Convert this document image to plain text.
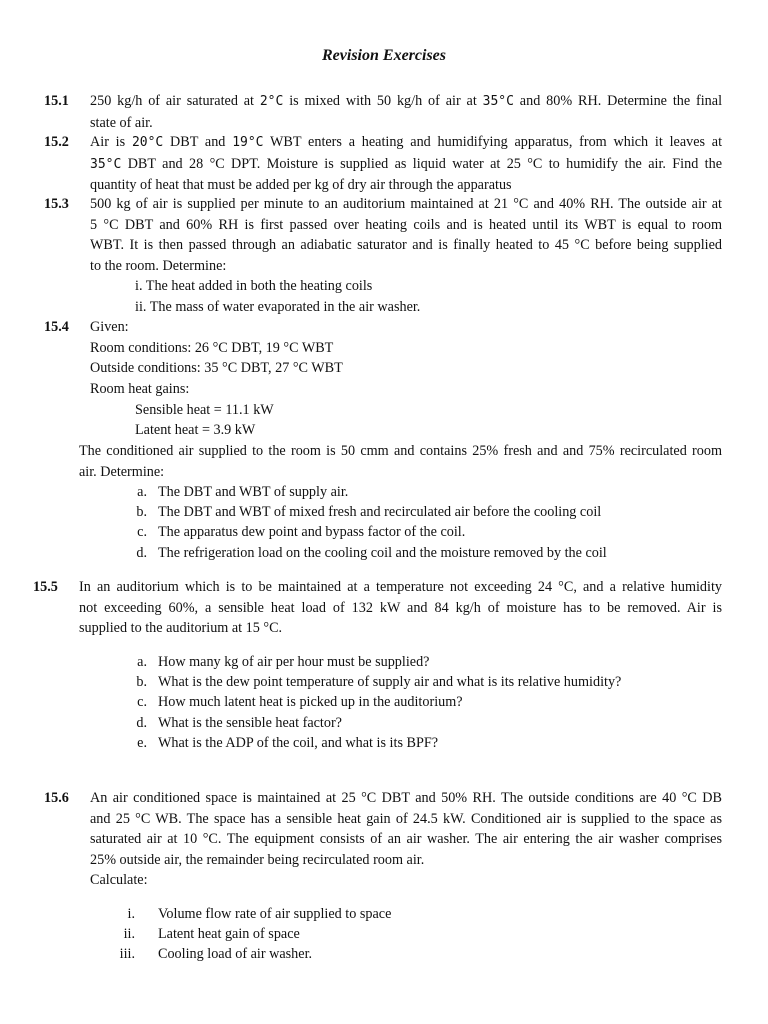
Revision Exercises
15.1 250 kg/h of air saturated at 2°C is mixed with 50 kg/h of air at 35°C and 80% RH. Determine the final
state of air.
15.2 Air is 20°C DBT and 19°C WBT enters a heating and humidifying apparatus, from which it leaves at
35°C DBT and 28 °C DPT. Moisture is supplied as liquid water at 25 °C to humidify the air. Find the
quantity of heat that must be added per kg of dry air through the apparatus
15.3 500 kg of air is supplied per minute to an auditorium maintained at 21 °C and 40% RH. The outside air at
5 °C DBT and 60% RH is first passed over heating coils and is heated until its WBT is equal to room
WBT. It is then passed through an adiabatic saturator and is finally heated to 45 °C before being supplied
to the room. Determine:
i. The heat added in both the heating coils
ii. The mass of water evaporated in the air washer.
15.4 Given:
Room conditions: 26 °C DBT, 19 °C WBT
Outside conditions: 35 °C DBT, 27 °C WBT
Room heat gains:
Sensible heat = 11.1 kW
Latent heat = 3.9 kW
The conditioned air supplied to the room is 50 cmm and contains 25% fresh and and 75% recirculated room
air. Determine:
a. The DBT and WBT of supply air.
b. The DBT and WBT of mixed fresh and recirculated air before the cooling coil
c. The apparatus dew point and bypass factor of the coil.
d. The refrigeration load on the cooling coil and the moisture removed by the coil
15.5 In an auditorium which is to be maintained at a temperature not exceeding 24 °C, and a relative humidity
not exceeding 60%, a sensible heat load of 132 kW and 84 kg/h of moisture has to be removed. Air is
supplied to the auditorium at 15 °C.
a. How many kg of air per hour must be supplied?
b. What is the dew point temperature of supply air and what is its relative humidity?
c. How much latent heat is picked up in the auditorium?
d. What is the sensible heat factor?
e. What is the ADP of the coil, and what is its BPF?
15.6 An air conditioned space is maintained at 25 °C DBT and 50% RH. The outside conditions are 40 °C DB
and 25 °C WB. The space has a sensible heat gain of 24.5 kW. Conditioned air is supplied to the space as
saturated air at 10 °C. The equipment consists of an air washer. The air entering the air washer comprises
25% outside air, the remainder being recirculated room air.
Calculate:
i. Volume flow rate of air supplied to space
ii. Latent heat gain of space
iii. Cooling load of air washer.
